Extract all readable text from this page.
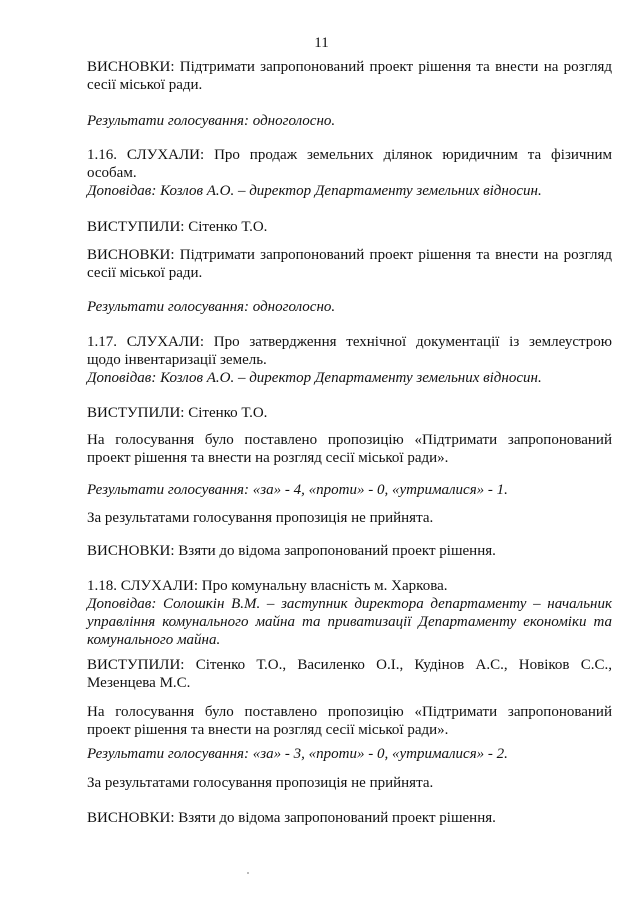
11
ВИСНОВКИ: Підтримати запропонований проект рішення та внести на розгляд
сесії міської ради.
Результати голосування: одноголосно.
1.16. СЛУХАЛИ: Про продаж земельних ділянок юридичним та фізичним
особам.
Доповідав: Козлов А.О. – директор Департаменту земельних відносин.
ВИСТУПИЛИ: Сітенко Т.О.
ВИСНОВКИ: Підтримати запропонований проект рішення та внести на розгляд
сесії міської ради.
Результати голосування: одноголосно.
1.17. СЛУХАЛИ: Про затвердження технічної документації із землеустрою
щодо інвентаризації земель.
Доповідав: Козлов А.О. – директор Департаменту земельних відносин.
ВИСТУПИЛИ: Сітенко Т.О.
На голосування було поставлено пропозицію «Підтримати запропонований
проект рішення та внести на розгляд сесії міської ради».
Результати голосування: «за» - 4, «проти» - 0, «утрималися» - 1.
За результатами голосування пропозиція не прийнята.
ВИСНОВКИ: Взяти до відома запропонований проект рішення.
1.18. СЛУХАЛИ: Про комунальну власність м. Харкова.
Доповідав: Солошкін В.М. – заступник директора департаменту – начальник
управління комунального майна та приватизації Департаменту економіки та
комунального майна.
ВИСТУПИЛИ: Сітенко Т.О., Василенко О.І., Кудінов А.С., Новіков С.С.,
Мезенцева М.С.
На голосування було поставлено пропозицію «Підтримати запропонований
проект рішення та внести на розгляд сесії міської ради».
Результати голосування: «за» - 3, «проти» - 0, «утрималися» - 2.
За результатами голосування пропозиція не прийнята.
ВИСНОВКИ: Взяти до відома запропонований проект рішення.
